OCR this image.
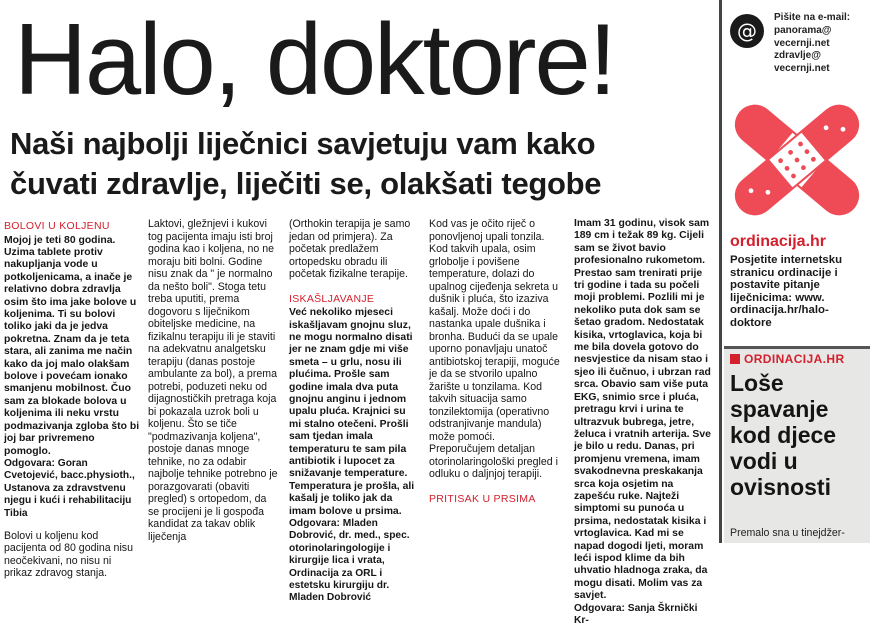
Halo, doktore!
Naši najbolji liječnici savjetuju vam kako
čuvati zdravlje, liječiti se, olakšati tegobe
BOLOVI U KOLJENU

Mojoj je teti 80 godina. Uzima tablete protiv nakupljanja vode u potkoljenicama, a inače je relativno dobra zdravlja osim što ima jake bolove u koljenima. Ti su bolovi toliko jaki da je jedva pokretna. Znam da je teta stara, ali zanima me način kako da joj malo olakšam bolove i povećam ionako smanjenu mobilnost. Čuo sam za blokade bolova u koljenima ili neku vrstu podmazivanja zgloba što bi joj bar privremeno pomoglo.

Odgovara: Goran Cvetojević, bacc.physioth., Ustanova za zdravstvenu njegu i kući i rehabilitaciju Tibia

Bolovi u koljenu kod pacijenta od 80 godina nisu neočekivani, no nisu ni prikaz zdravog stanja.

Laktovi, gležnjevi i kukovi tog pacijenta imaju isti broj godina kao i koljena, no ne moraju biti bolni. Godine nisu znak da " je normalno da nešto boli". Stoga tetu treba uputiti, prema dogovoru s liječnikom obiteljske medicine, na fizikalnu terapiju ili je staviti na adekvatnu analgetsku terapiju (danas postoje ambulante za bol), a prema potrebi, poduzeti neku od dijagnostičkih pretraga koja bi pokazala uzrok boli u koljenu. Što se tiče "podmazivanja koljena", postoje danas mnoge tehnike, no za odabir najbolje tehnike potrebno je porazgovarati (obaviti pregled) s ortopedom, da se procijeni je li gospođa kandidat za takav oblik liječenja

(Orthokin terapija je samo jedan od primjera). Za početak predlažem ortopedsku obradu ili početak fizikalne terapije.

ISKAŠLJAVANJE

Već nekoliko mjeseci iskašljavam gnojnu sluz, ne mogu normalno disati jer ne znam gdje mi više smeta – u grlu, nosu ili plućima. Prošle sam godine imala dva puta gnojnu anginu i jednom upalu pluća. Krajnici su mi stalno otečeni. Prošli sam tjedan imala temperaturu te sam pila antibiotik i lupocet za snižavanje temperature. Temperatura je prošla, ali kašalj je toliko jak da imam bolove u prsima.

Odgovara: Mladen Dobrović, dr. med., spec. otorinolaringologije i kirurgije lica i vrata, Ordinacija za ORL i estetsku kirurgiju dr. Mladen Dobrović

Kod vas je očito riječ o ponovljenoj upali tonzila. Kod takvih upala, osim grlobolje i povišene temperature, dolazi do upalnog cijeđenja sekreta u dušnik i pluća, što izaziva kašalj. Može doći i do nastanka upale dušnika i bronha. Budući da se upale uporno ponavljaju unatoč antibiotskoj terapiji, moguće je da se stvorilo upalno žarište u tonzilama. Kod takvih situacija samo tonzilektomija (operativno odstranjivanje mandula) može pomoći. Preporučujem detaljan otorinolaringološki pregled i odluku o daljnjoj terapiji.

PRITISAK U PRSIMA

Imam 31 godinu, visok sam 189 cm i težak 89 kg. Cijeli sam se život bavio profesionalno rukometom. Prestao sam trenirati prije tri godine i tada su počeli moji problemi. Pozlili mi je nekoliko puta dok sam se šetao gradom. Nedostatak kisika, vrtoglavica, koja bi me bila dovela gotovo do nesvjestice da nisam stao i sjeo ili čučnuo, i ubrzan rad srca. Obavio sam više puta EKG, snimio srce i pluća, pretragu krvi i urina te ultrazvuk bubrega, jetre, želuca i vratnih arterija. Sve je bilo u redu. Danas, pri promjenu vremena, imam svakodnevna preskakanja srca koja osjetim na zapešću ruke. Najteži simptomi su punoća u prsima, nedostatak kisika i vrtoglavica. Kad mi se napad dogodi ljeti, moram leći ispod klime da bih uhvatio hladnoga zraka, da mogu disati. Molim vas za savjet.

Odgovara: Sanja Škrnički Kr-

@
Pišite na e-mail:
panorama@ vecernji.net
zdravlje@ vecernji.net
ordinacija.hr
Posjetite internetsku stranicu ordinacije i postavite pitanje liječnicima: www. ordinacija.hr/halo-doktore
ORDINACIJA.HR
Loše spavanje kod djece vodi u ovisnosti
Premalo sna u tinejdžer-
